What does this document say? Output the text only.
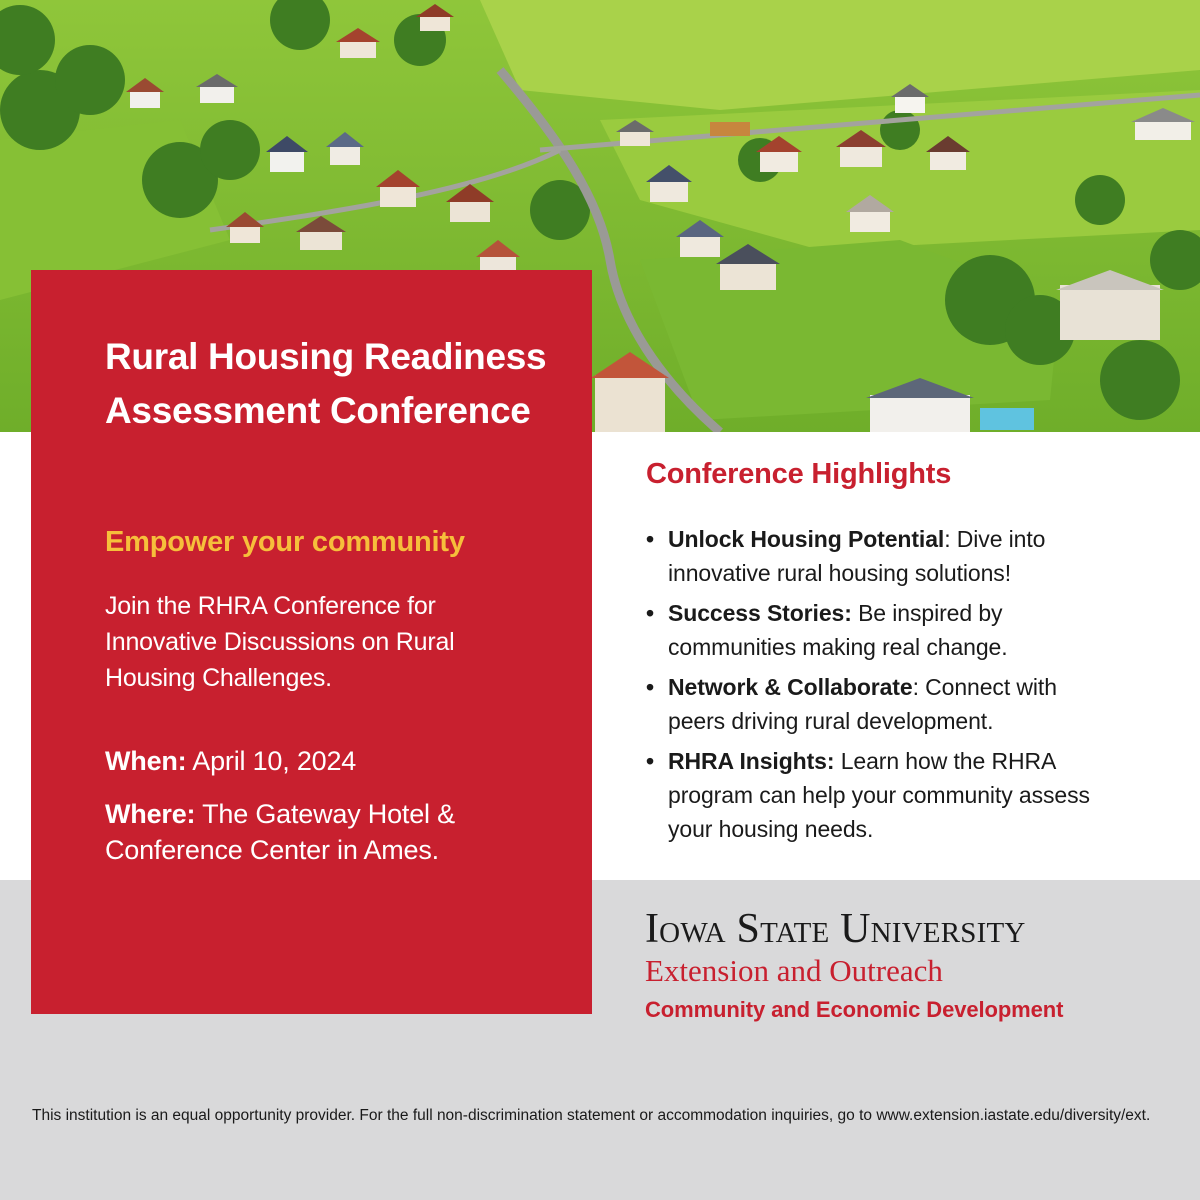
Rural Housing Readiness Assessment Conference

Empower your community

Join the RHRA Conference for Innovative Discussions on Rural Housing Challenges.

When: April 10, 2024

Where: The Gateway Hotel & Conference Center in Ames.

Conference Highlights
• Unlock Housing Potential: Dive into innovative rural housing solutions!
• Success Stories: Be inspired by communities making real change.
• Network & Collaborate: Connect with peers driving rural development.
• RHRA Insights: Learn how the RHRA program can help your community assess your housing needs.

Iowa State University

Extension and Outreach

Community and Economic Development

This institution is an equal opportunity provider. For the full non-discrimination statement or accommodation inquiries, go to www.extension.iastate.edu/diversity/ext.
